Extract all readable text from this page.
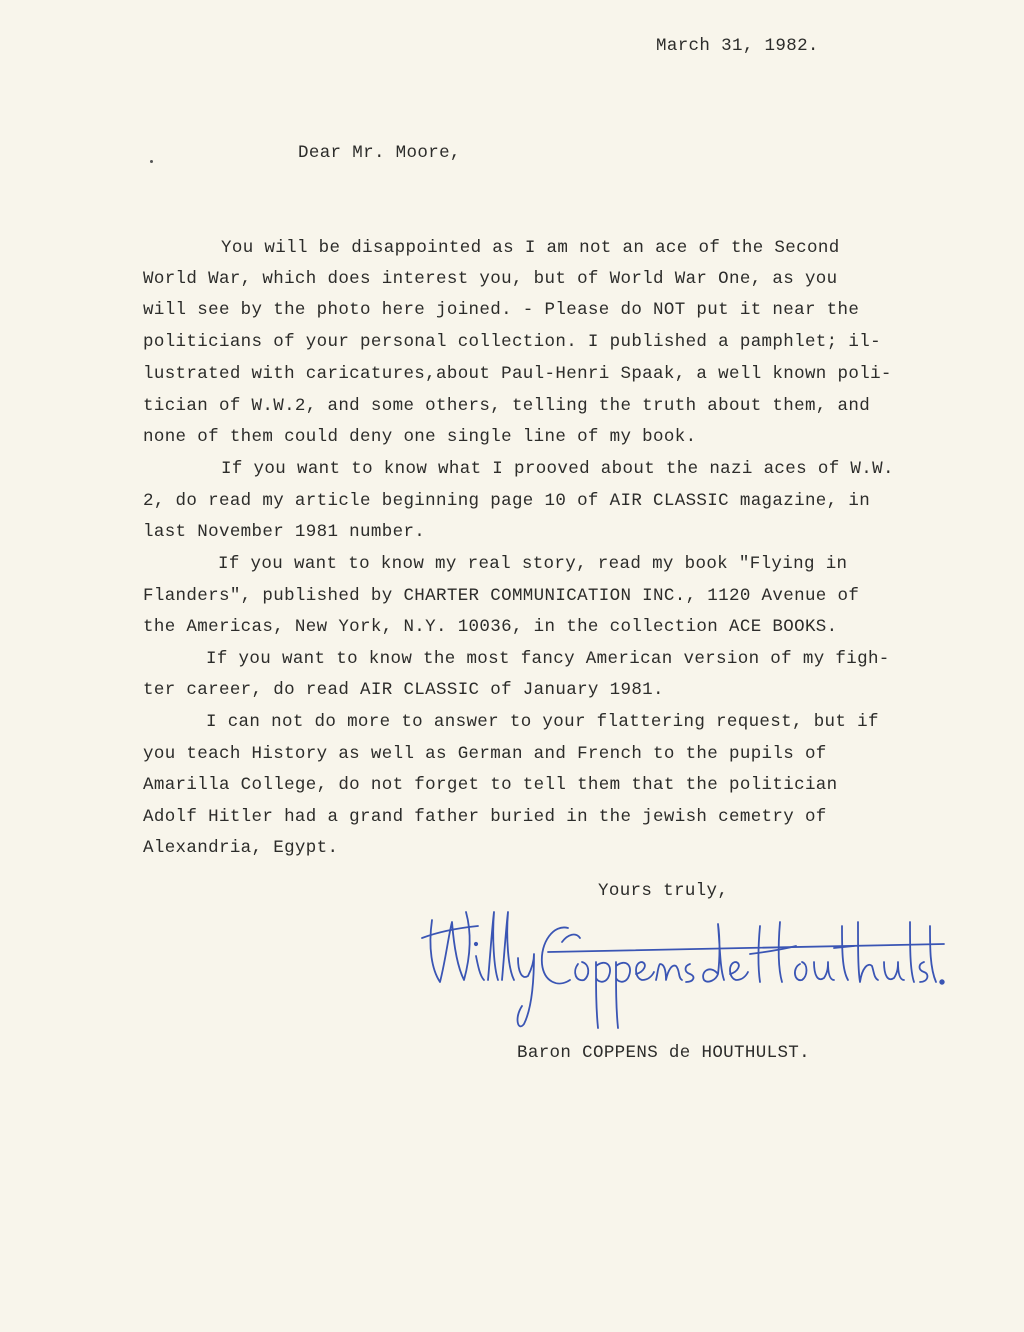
March 31, 1982.
Dear Mr. Moore,
You will be disappointed as I am not an ace of the Second
World War, which does interest you, but of World War One, as you
will see by the photo here joined. - Please do NOT put it near the
politicians of your personal collection. I published a pamphlet; il-
lustrated with caricatures,about Paul-Henri Spaak, a well known poli-
tician of W.W.2, and some others, telling the truth about them, and
none of them could deny one single line of my book.
If you want to know what I prooved about the nazi aces of W.W.
2, do read my article beginning page 10 of AIR CLASSIC magazine, in
last November 1981 number.
If you want to know my real story, read my book "Flying in
Flanders", published by CHARTER COMMUNICATION INC., 1120 Avenue of
the Americas, New York, N.Y. 10036, in the collection ACE BOOKS.
If you want to know the most fancy American version of my figh-
ter career, do read AIR CLASSIC of January 1981.
I can not do more to answer to your flattering request, but if
you teach History as well as German and French to the pupils of
Amarilla College, do not forget to tell them that the politician
Adolf Hitler had a grand father buried in the jewish cemetry of
Alexandria, Egypt.
Yours truly,
Baron COPPENS de HOUTHULST.
